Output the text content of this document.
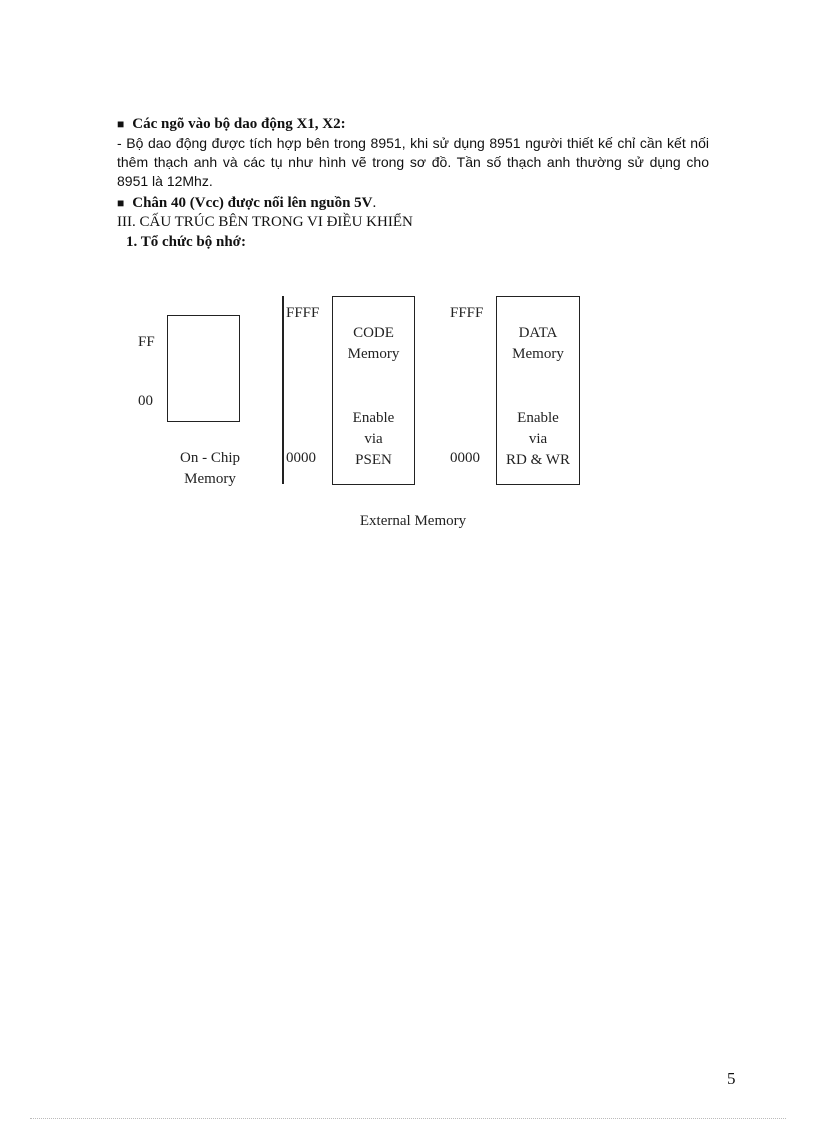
■ Các ngõ vào bộ dao động X1, X2:
- Bộ dao động được tích hợp bên trong 8951, khi sử dụng 8951 người thiết kế chỉ cần kết nối thêm thạch anh và các tụ như hình vẽ trong sơ đồ. Tần số thạch anh thường sử dụng cho 8951 là 12Mhz.
■ Chân 40 (Vcc) được nối lên nguồn 5V.
III. CẤU TRÚC BÊN TRONG VI ĐIỀU KHIỂN
1. Tổ chức bộ nhớ:
FF
00
On - Chip
Memory
FFFF
0000
CODE
Memory
Enable
via
PSEN
FFFF
0000
DATA
Memory
Enable
via
RD & WR
External Memory
5
